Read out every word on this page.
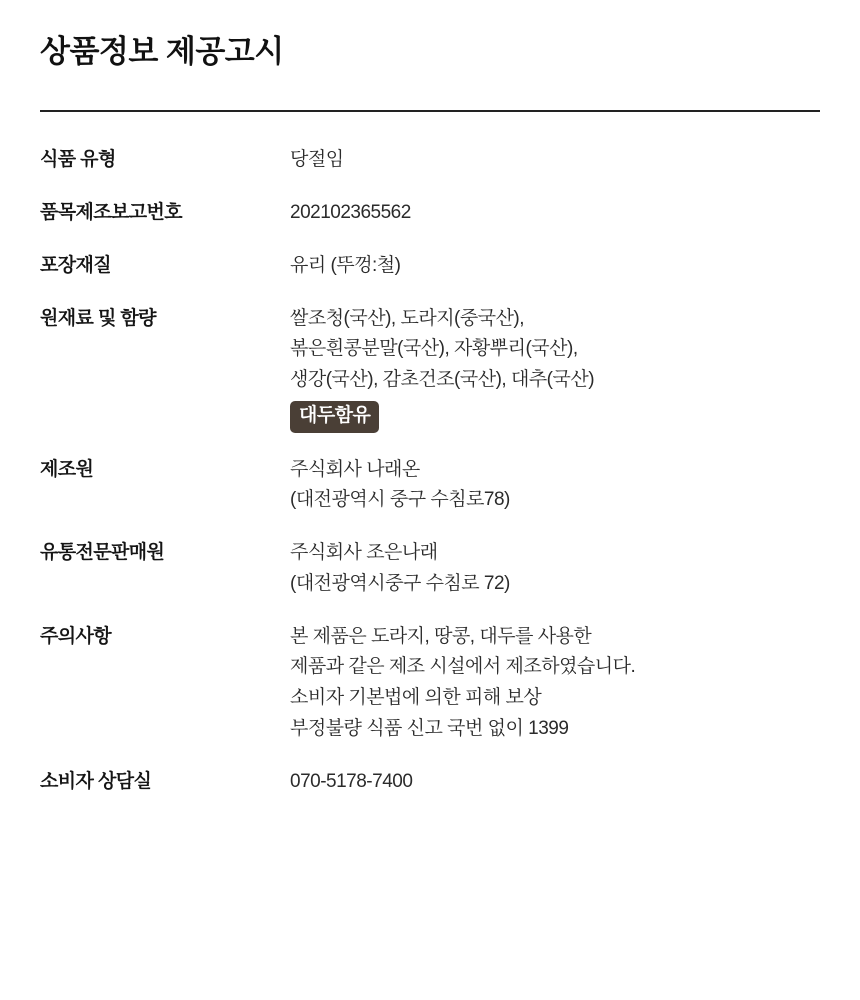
상품정보 제공고시
식품 유형	당절임

품목제조보고번호	202102365562

포장재질	유리 (뚜껑:철)

원재료 및 함량	쌀조청(국산), 도라지(중국산),
볶은흰콩분말(국산), 자황뿌리(국산),
생강(국산), 감초건조(국산), 대추(국산)
대두함유
제조원	주식회사 나래온
(대전광역시 중구 수침로78)

유통전문판매원	주식회사 조은나래
(대전광역시중구 수침로 72)

주의사항	본 제품은 도라지, 땅콩, 대두를 사용한
제품과 같은 제조 시설에서 제조하였습니다.
소비자 기본법에 의한 피해 보상
부정불량 식품 신고 국번 없이 1399

소비자 상담실	070-5178-7400
